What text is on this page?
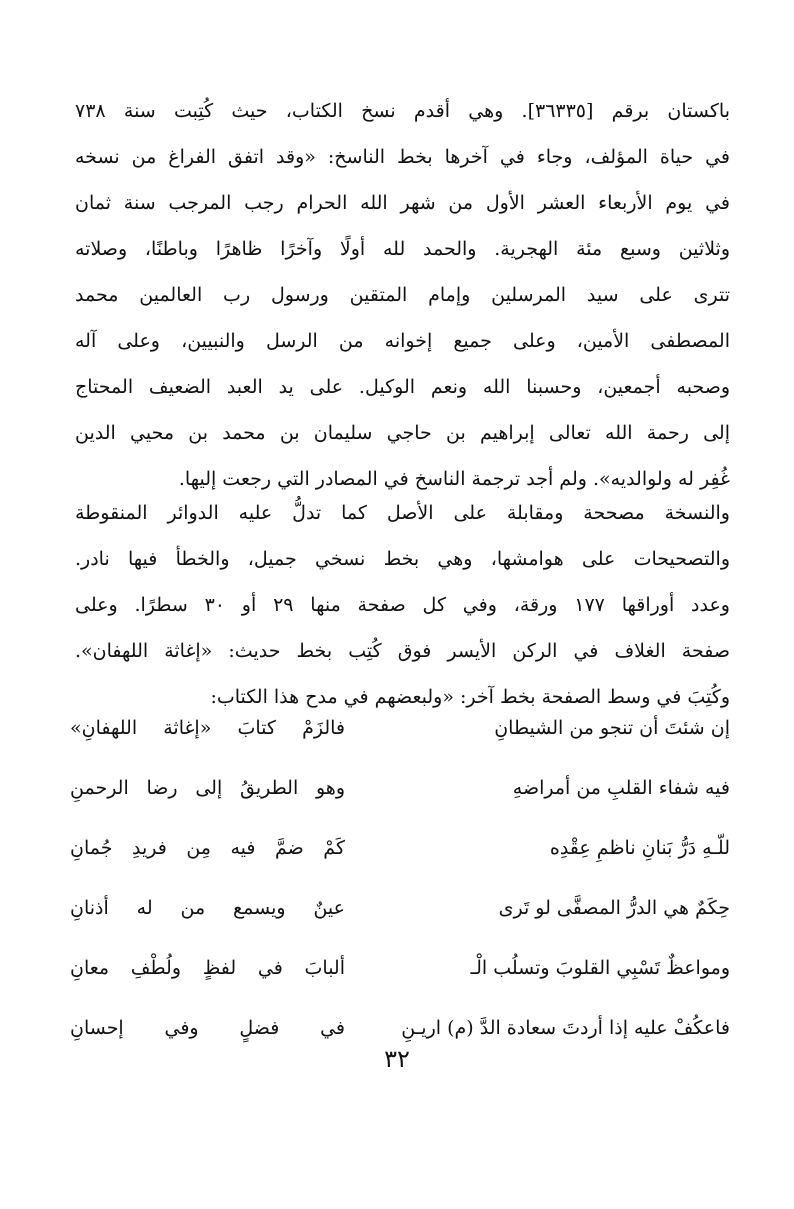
باكستان برقم [٣٦٣٣٥]. وهي أقدم نسخ الكتاب، حيث كُتِبت سنة ٧٣٨
في حياة المؤلف، وجاء في آخرها بخط الناسخ: «وقد اتفق الفراغ من نسخه
في يوم الأربعاء العشر الأول من شهر الله الحرام رجب المرجب سنة ثمان
وثلاثين وسبع مئة الهجرية. والحمد لله أولًا وآخرًا ظاهرًا وباطنًا، وصلاته
تترى على سيد المرسلين وإمام المتقين ورسول رب العالمين محمد
المصطفى الأمين، وعلى جميع إخوانه من الرسل والنبيين، وعلى آله
وصحبه أجمعين، وحسبنا الله ونعم الوكيل. على يد العبد الضعيف المحتاج
إلى رحمة الله تعالى إبراهيم بن حاجي سليمان بن محمد بن محيي الدين
غُفِر له ولوالديه». ولم أجد ترجمة الناسخ في المصادر التي رجعت إليها.
والنسخة مصححة ومقابلة على الأصل كما تدلُّ عليه الدوائر المنقوطة
والتصحيحات على هوامشها، وهي بخط نسخي جميل، والخطأ فيها نادر.
وعدد أوراقها ١٧٧ ورقة، وفي كل صفحة منها ٢٩ أو ٣٠ سطرًا. وعلى
صفحة الغلاف في الركن الأيسر فوق كُتِب بخط حديث: «إغاثة اللهفان».
وكُتِبَ في وسط الصفحة بخط آخر: «ولبعضهم في مدح هذا الكتاب:
إن شئتَ أن تنجو من الشيطانِ
فالزَمْ كتابَ «إغاثة اللهفانِ»
فيه شفاء القلبِ من أمراضهِ
وهو الطريقُ إلى رضا الرحمنِ
للّـهِ دَرُّ بَنانِ ناظمِ عِقْدِه
كَمْ ضمَّ فيه مِن فريدِ جُمانِ
حِكَمٌ هي الدرُّ المصفَّى لو تَرى
عينٌ ويسمع من له أذنانِ
ومواعظٌ تَسْبِي القلوبَ وتسلُب الْـ
ألبابَ في لفظٍ ولُطْفِ معانِ
فاعكُفْ عليه إذا أردتَ سعادة الدَّ (م) اريـنِ
في فضلٍ وفي إحسانِ
٣٢
